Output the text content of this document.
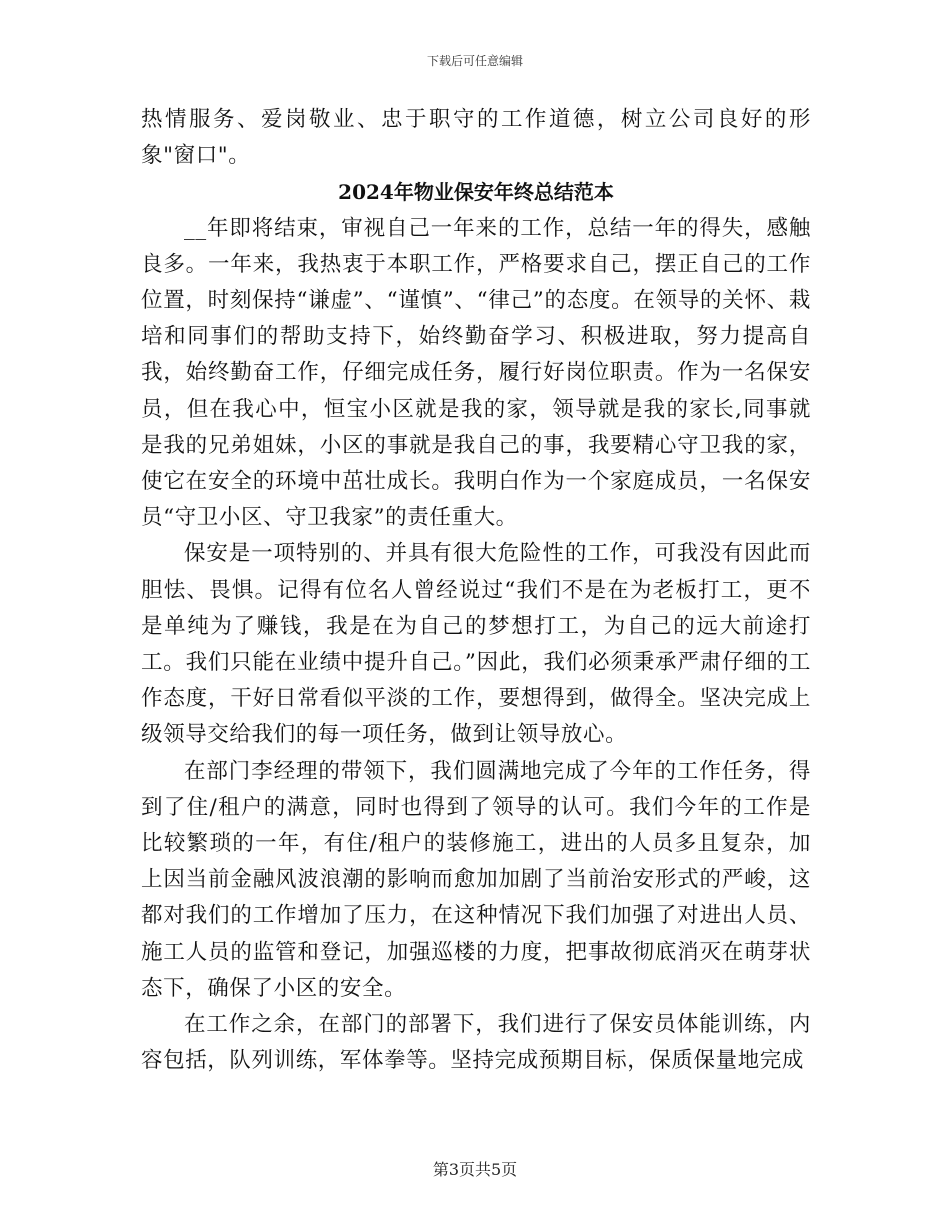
下载后可任意编辑

热情服务、爱岗敬业、忠于职守的工作道德，树立公司良好的形象"窗口"。

2024年物业保安年终总结范本

__年即将结束，审视自己一年来的工作，总结一年的得失，感触良多。一年来，我热衷于本职工作，严格要求自己，摆正自己的工作位置，时刻保持“谦虚”、“谨慎”、“律己”的态度。在领导的关怀、栽培和同事们的帮助支持下，始终勤奋学习、积极进取，努力提高自我，始终勤奋工作，仔细完成任务，履行好岗位职责。作为一名保安员，但在我心中，恒宝小区就是我的家，领导就是我的家长,同事就是我的兄弟姐妹，小区的事就是我自己的事，我要精心守卫我的家，使它在安全的环境中茁壮成长。我明白作为一个家庭成员，一名保安员“守卫小区、守卫我家”的责任重大。

保安是一项特别的、并具有很大危险性的工作，可我没有因此而胆怯、畏惧。记得有位名人曾经说过“我们不是在为老板打工，更不是单纯为了赚钱，我是在为自己的梦想打工，为自己的远大前途打工。我们只能在业绩中提升自己。”因此，我们必须秉承严肃仔细的工作态度，干好日常看似平淡的工作，要想得到，做得全。坚决完成上级领导交给我们的每一项任务，做到让领导放心。

在部门李经理的带领下，我们圆满地完成了今年的工作任务，得到了住/租户的满意，同时也得到了领导的认可。我们今年的工作是比较繁琐的一年，有住/租户的装修施工，进出的人员多且复杂，加上因当前金融风波浪潮的影响而愈加加剧了当前治安形式的严峻，这都对我们的工作增加了压力，在这种情况下我们加强了对进出人员、施工人员的监管和登记，加强巡楼的力度，把事故彻底消灭在萌芽状态下，确保了小区的安全。

在工作之余，在部门的部署下，我们进行了保安员体能训练，内容包括，队列训练，军体拳等。坚持完成预期目标，保质保量地完成

第3页共5页
